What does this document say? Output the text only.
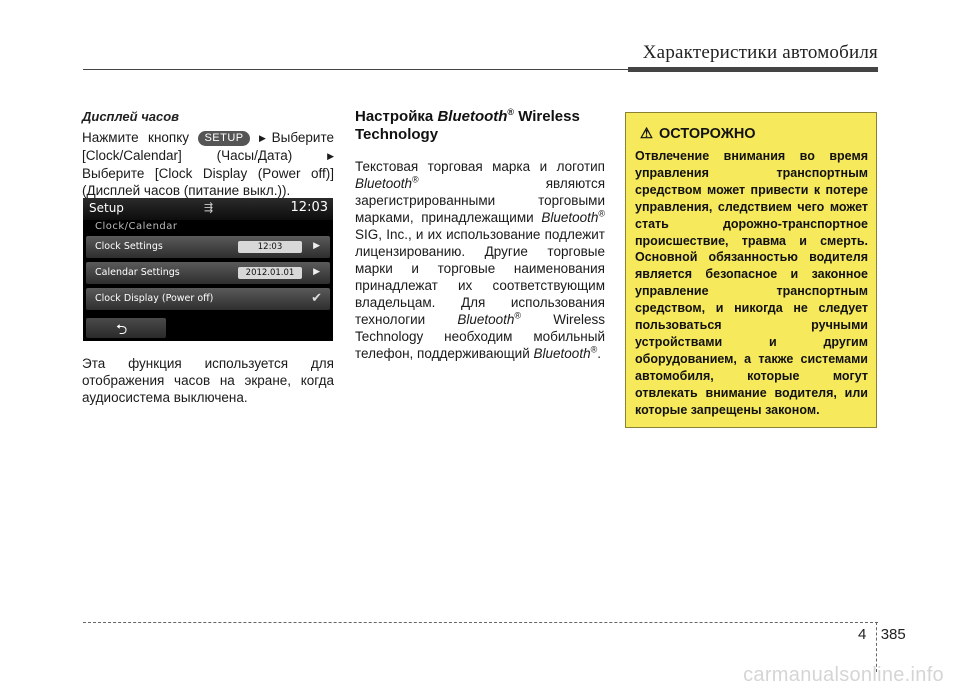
Характеристики автомобиля
Дисплей часов

Нажмите кнопку SETUP ▶Выберите [Clock/Calendar] (Часы/Дата)	▶ Выберите [Clock Display (Power off)] (Дисплей часов (питание выкл.)).

Setup	⇶	12:03
Clock/Calendar
Clock Settings	12:03	▶
Calendar Settings	2012.01.01	▶
Clock Display (Power off)	✔
⮌

Эта функция используется для отображения часов на экране, когда аудиосистема выключена.

Настройка Bluetooth® Wireless Technology

Текстовая торговая марка и логотип Bluetooth®	являются зарегистрированными торговыми марками, принадлежащими Bluetooth® SIG, Inc., и их использование подлежит лицензированию. Другие торговые марки и торговые наименования принадлежат их соответствующим владельцам. Для использования технологии Bluetooth® Wireless Technology необходим мобильный телефон, поддерживающий Bluetooth®.

⚠ ОСТОРОЖНО
Отвлечение внимания во время управления транспортным средством может привести к потере управления, следствием чего может стать дорожно-транспортное происшествие, травма и смерть. Основной обязанностью водителя является безопасное и законное управление транспортным средством, и никогда не следует пользоваться ручными устройствами и другим оборудованием, а также системами автомобиля, которые могут отвлекать внимание водителя, или которые запрещены законом.
4 385
carmanualsonline.info
